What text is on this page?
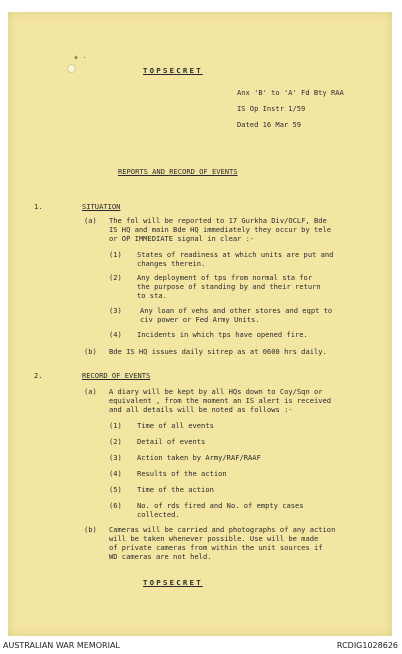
♦ ·
TOPSECRET
Anx 'B' to 'A' Fd Bty RAA
IS Op Instr 1/59
Dated 16 Mar 59
REPORTS AND RECORD OF EVENTS
1.	SITUATION
(a) The fol will be reported to 17 Gurkha Div/OCLF, Bde
IS HQ and main Bde HQ immediately they occur by tele
or OP IMMEDIATE signal in clear :-
(1) States of readiness at which units are put and
changes therein.
(2) Any deployment of tps from normal sta for
the purpose of standing by and their return
to sta.
(3)	Any loan of vehs and other stores and eqpt to
civ power or Fed Army Units.
(4) Incidents in which tps have opened fire.
(b) Bde IS HQ issues daily sitrep as at 0600 hrs daily.
2.	RECORD OF EVENTS
(a) A diary will be kept by all HQs down to Coy/Sqn or
equivalent , from the moment an IS alert is received
and all details will be noted as follows :-
(1) Time of all events
(2) Detail of events
(3) Action taken by Army/RAF/RAAF
(4) Results of the action
(5) Time of the action
(6) No. of rds fired and No. of empty cases
collected.
(b) Cameras will be carried and photographs of any action
will be taken whenever possible. Use will be made
of private cameras from within the unit sources if
WD cameras are not held.
TOPSECRET
AUSTRALIAN WAR MEMORIAL	RCDIG1028626
